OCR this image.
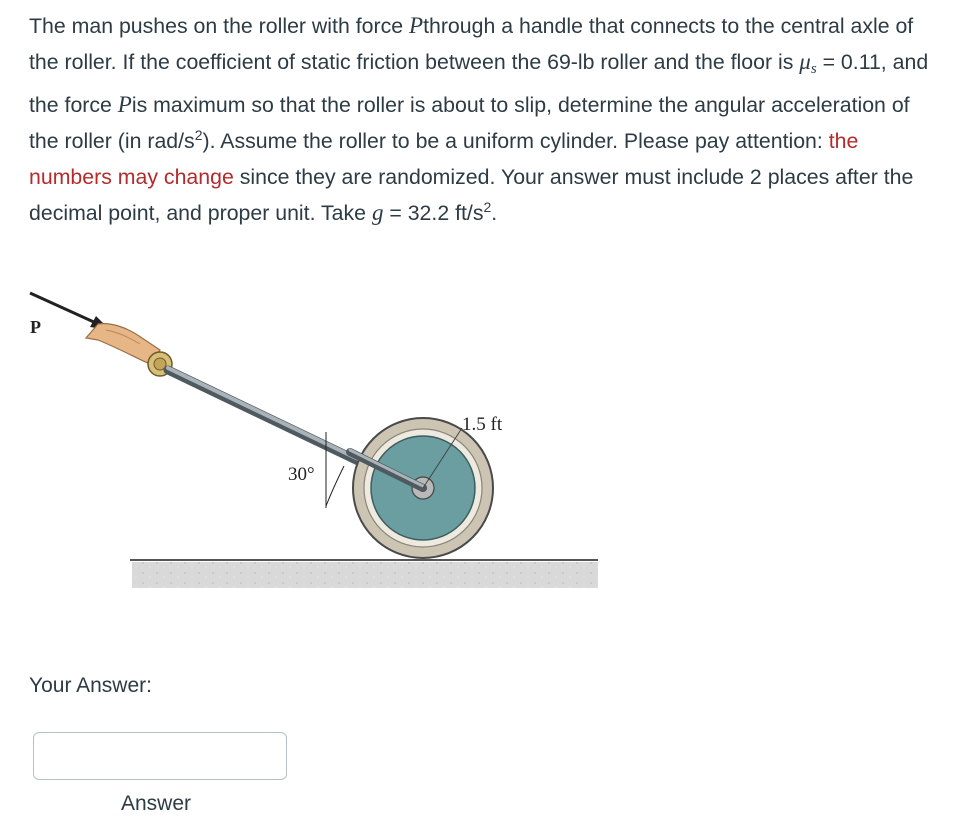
The man pushes on the roller with force Pthrough a handle that connects to the central axle of the roller. If the coefficient of static friction between the 69-lb roller and the floor is $\mu_s = 0.11$, and the force Pis maximum so that the roller is about to slip, determine the angular acceleration of the roller (in rad/$s^2$). Assume the roller to be a uniform cylinder. Please pay attention: the numbers may change since they are randomized. Your answer must include 2 places after the decimal point, and proper unit. Take g = 32.2 $ft/s^2$.

1.5 ft
30°
P
Your Answer:
Answer
